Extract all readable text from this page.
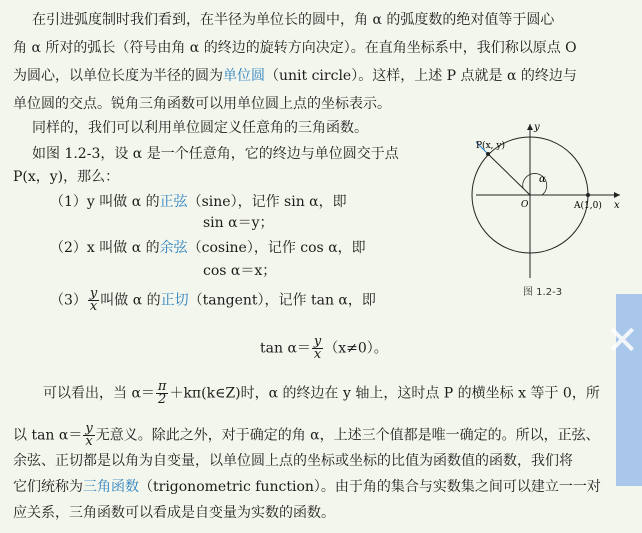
在引进弧度制时我们看到，在半径为单位长的圆中，角 α 的弧度数的绝对值等于圆心
角 α 所对的弧长（符号由角 α 的终边的旋转方向决定）。在直角坐标系中，我们称以原点 O
为圆心，以单位长度为半径的圆为单位圆（unit circle）。这样，上述 P 点就是 α 的终边与
单位圆的交点。锐角三角函数可以用单位圆上点的坐标表示。
同样的，我们可以利用单位圆定义任意角的三角函数。
如图 1.2-3，设 α 是一个任意角，它的终边与单位圆交于点
P(x，y)，那么：
（1）y 叫做 α 的正弦（sine），记作 sin α，即
sin α＝y；
（2）x 叫做 α 的余弦（cosine），记作 cos α，即
cos α＝x；
$(3) \frac{y}{x}$ 叫做 α 的正切（tangent），记作 tan α，即
$\tan \alpha= \frac{y}{x} (x\ne 0)$。
可以看出，当 $\alpha= \frac{\pi}{2}$ ＋kπ(k∈Z)时，α 的终边在 y 轴上，这时点 P 的横坐标 x 等于 0，所
以 $\tan \alpha= \frac{y}{x}$ 无意义。除此之外，对于确定的角 α，上述三个值都是唯一确定的。所以，正弦、
余弦、正切都是以角为自变量，以单位圆上点的坐标或坐标的比值为函数值的函数，我们将
它们统称为三角函数（trigonometric function）。由于角的集合与实数集之间可以建立一一对
应关系，三角函数可以看成是自变量为实数的函数。
y
x
P(x, y)
α
O	A(1,0)
图 1.2-3
✕
